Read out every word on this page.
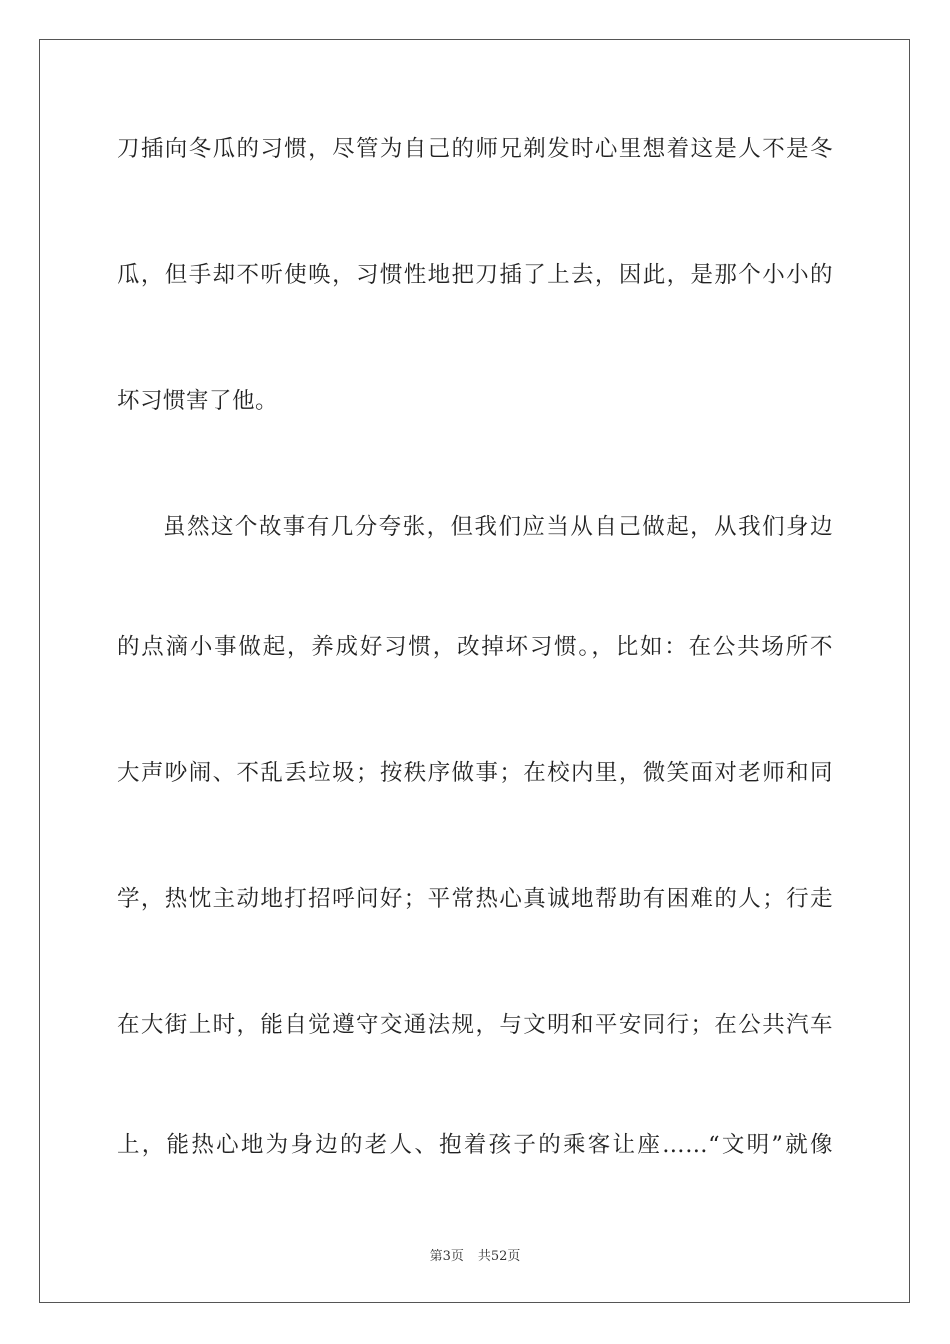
刀插向冬瓜的习惯，尽管为自己的师兄剃发时心里想着这是人不是冬
瓜，但手却不听使唤，习惯性地把刀插了上去，因此，是那个小小的
坏习惯害了他。
虽然这个故事有几分夸张，但我们应当从自己做起，从我们身边
的点滴小事做起，养成好习惯，改掉坏习惯。，比如：在公共场所不
大声吵闹、不乱丢垃圾；按秩序做事；在校内里，微笑面对老师和同
学，热忱主动地打招呼问好；平常热心真诚地帮助有困难的人；行走
在大街上时，能自觉遵守交通法规，与文明和平安同行；在公共汽车
上，能热心地为身边的老人、抱着孩子的乘客让座……“文明”就像
第3页 共52页
